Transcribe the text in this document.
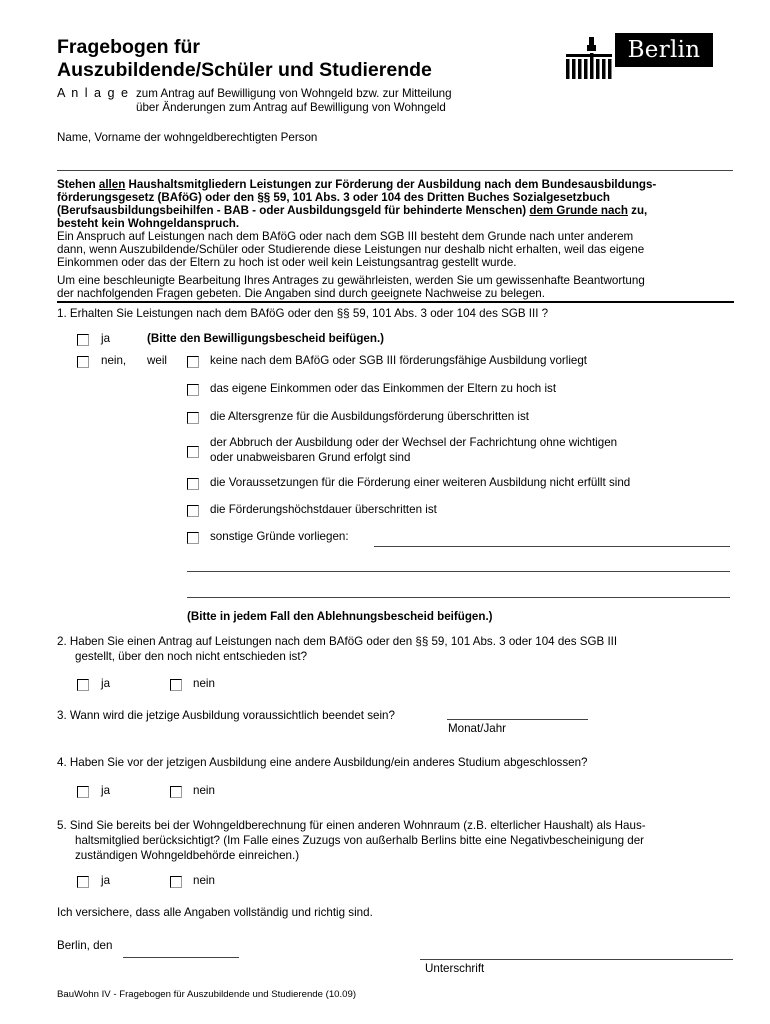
Fragebogen für
Auszubildende/Schüler und Studierende
Berlin
A n l a g e zum Antrag auf Bewilligung von Wohngeld bzw. zur Mitteilung
über Änderungen zum Antrag auf Bewilligung von Wohngeld
Name, Vorname der wohngeldberechtigten Person
Stehen allen Haushaltsmitgliedern Leistungen zur Förderung der Ausbildung nach dem Bundesausbildungs-
förderungsgesetz (BAföG) oder den §§ 59, 101 Abs. 3 oder 104 des Dritten Buches Sozialgesetzbuch
(Berufsausbildungsbeihilfen - BAB - oder Ausbildungsgeld für behinderte Menschen) dem Grunde nach zu,
besteht kein Wohngeldanspruch.
Ein Anspruch auf Leistungen nach dem BAföG oder nach dem SGB III besteht dem Grunde nach unter anderem
dann, wenn Auszubildende/Schüler oder Studierende diese Leistungen nur deshalb nicht erhalten, weil das eigene
Einkommen oder das der Eltern zu hoch ist oder weil kein Leistungsantrag gestellt wurde.
Um eine beschleunigte Bearbeitung Ihres Antrages zu gewährleisten, werden Sie um gewissenhafte Beantwortung
der nachfolgenden Fragen gebeten. Die Angaben sind durch geeignete Nachweise zu belegen.
1. Erhalten Sie Leistungen nach dem BAföG oder den §§ 59, 101 Abs. 3 oder 104 des SGB III ?
ja	(Bitte den Bewilligungsbescheid beifügen.)
nein, weil	keine nach dem BAföG oder SGB III förderungsfähige Ausbildung vorliegt
das eigene Einkommen oder das Einkommen der Eltern zu hoch ist
die Altersgrenze für die Ausbildungsförderung überschritten ist
der Abbruch der Ausbildung oder der Wechsel der Fachrichtung ohne wichtigen
oder unabweisbaren Grund erfolgt sind
die Voraussetzungen für die Förderung einer weiteren Ausbildung nicht erfüllt sind
die Förderungshöchstdauer überschritten ist
sonstige Gründe vorliegen:
(Bitte in jedem Fall den Ablehnungsbescheid beifügen.)
2. Haben Sie einen Antrag auf Leistungen nach dem BAföG oder den §§ 59, 101 Abs. 3 oder 104 des SGB III
gestellt, über den noch nicht entschieden ist?
ja	nein
3. Wann wird die jetzige Ausbildung voraussichtlich beendet sein?
Monat/Jahr
4. Haben Sie vor der jetzigen Ausbildung eine andere Ausbildung/ein anderes Studium abgeschlossen?
ja	nein
5. Sind Sie bereits bei der Wohngeldberechnung für einen anderen Wohnraum (z.B. elterlicher Haushalt) als Haus-
haltsmitglied berücksichtigt? (Im Falle eines Zuzugs von außerhalb Berlins bitte eine Negativbescheinigung der
zuständigen Wohngeldbehörde einreichen.)
ja	nein
Ich versichere, dass alle Angaben vollständig und richtig sind.
Berlin, den
Unterschrift
BauWohn IV - Fragebogen für Auszubildende und Studierende (10.09)
